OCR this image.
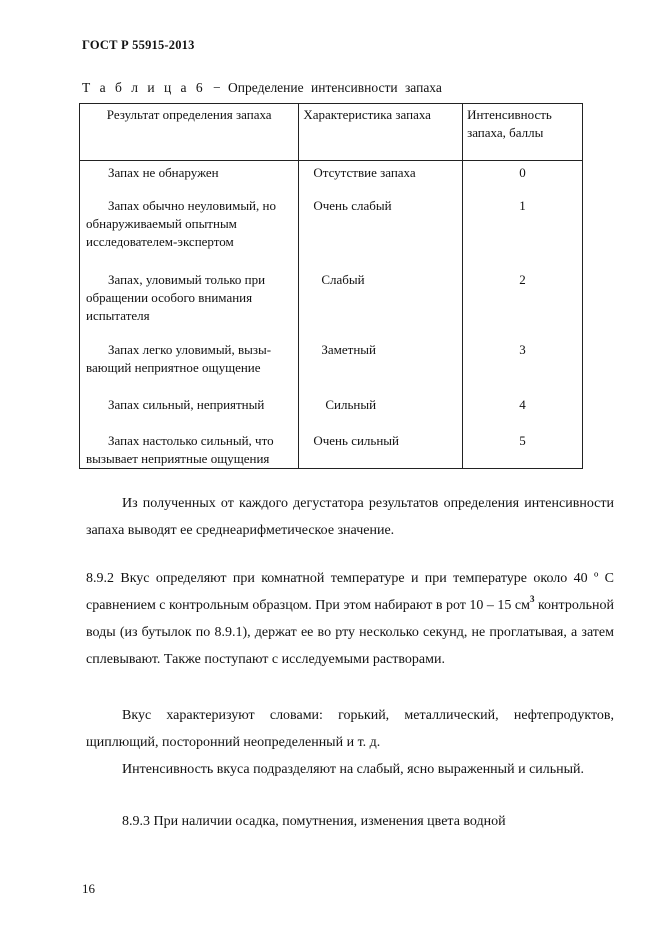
ГОСТ Р 55915-2013
Т а б л и ц а 6 − Определение интенсивности запаха
Результат определения запаха	Характеристика запаха	Интенсивность запаха, баллы
Запах не обнаружен	Отсутствие запаха	0
Запах обычно неуловимый, но обнаруживаемый опытным исследователем-экспертом	Очень слабый	1
Запах, уловимый только при обращении особого внимания испытателя	Слабый	2
Запах легко уловимый, вызы-вающий неприятное ощущение	Заметный	3
Запах сильный, неприятный	Сильный	4
Запах настолько сильный, что вызывает неприятные ощущения	Очень сильный	5
Из полученных от каждого дегустатора результатов определения интенсивности запаха выводят ее среднеарифметическое значение.
8.9.2 Вкус определяют при комнатной температуре и при температуре около 40 º С сравнением с контрольным образцом. При этом набирают в рот 10 – 15 $см^3$ контрольной воды (из бутылок по 8.9.1), держат ее во рту несколько секунд, не проглатывая, а затем сплевывают. Также поступают с исследуемыми растворами.
Вкус характеризуют словами: горький, металлический, нефтепродуктов, щиплющий, посторонний неопределенный и т. д.
Интенсивность вкуса подразделяют на слабый, ясно выраженный и сильный.
8.9.3 При наличии осадка, помутнения, изменения цвета водной
16
